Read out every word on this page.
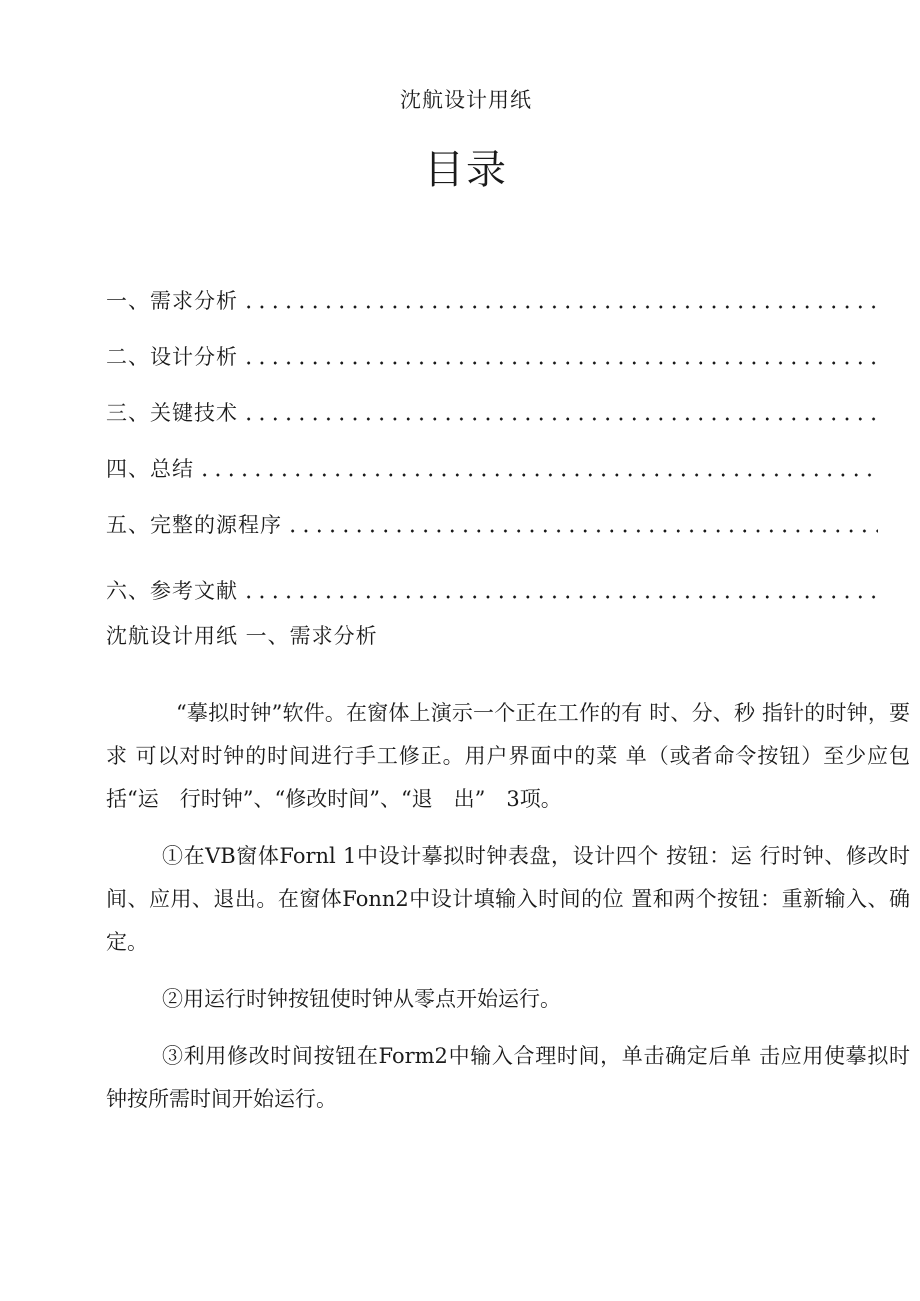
沈航设计用纸
目录
一、需求分析
二、设计分析
三、关键技术
四、总结
五、完整的源程序
六、参考文献
沈航设计用纸 一、需求分析

“摹拟时钟”软件。在窗体上演示一个正在工作的有 时、分、秒 指针的时钟，要求 可以对时钟的时间进行手工修正。用户界面中的菜 单（或者命令按钮）至少应包括“运　行时钟”、“修改时间”、“退　出”　3项。

①在VB窗体Fornl 1中设计摹拟时钟表盘，设计四个 按钮：运 行时钟、修改时间、应用、退出。在窗体Fonn2中设计填输入时间的位 置和两个按钮：重新输入、确定。

②用运行时钟按钮使时钟从零点开始运行。

③利用修改时间按钮在Form2中输入合理时间，单击确定后单 击应用使摹拟时钟按所需时间开始运行。
